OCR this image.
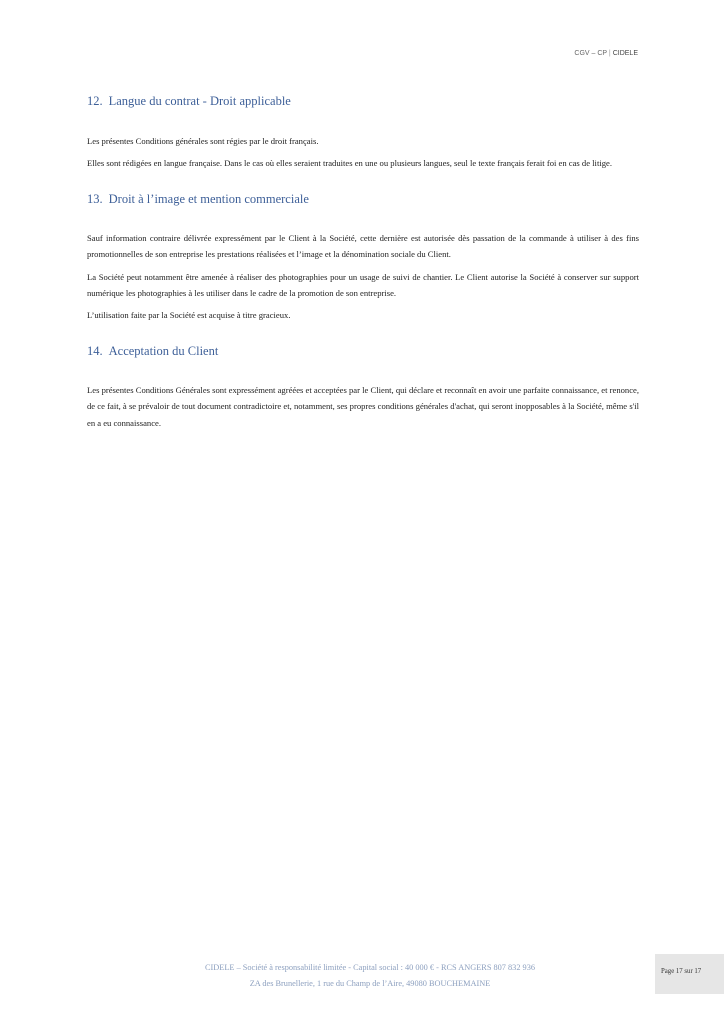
CGV – CP | CIDELE
12. Langue du contrat - Droit applicable

Les présentes Conditions générales sont régies par le droit français.

Elles sont rédigées en langue française. Dans le cas où elles seraient traduites en une ou plusieurs langues, seul le texte français ferait foi en cas de litige.

13. Droit à l’image et mention commerciale

Sauf information contraire délivrée expressément par le Client à la Société, cette dernière est autorisée dès passation de la commande à utiliser à des fins promotionnelles de son entreprise les prestations réalisées et l’image et la dénomination sociale du Client.

La Société peut notamment être amenée à réaliser des photographies pour un usage de suivi de chantier. Le Client autorise la Société à conserver sur support numérique les photographies à les utiliser dans le cadre de la promotion de son entreprise.

L’utilisation faite par la Société est acquise à titre gracieux.

14. Acceptation du Client

Les présentes Conditions Générales sont expressément agréées et acceptées par le Client, qui déclare et reconnaît en avoir une parfaite connaissance, et renonce, de ce fait, à se prévaloir de tout document contradictoire et, notamment, ses propres conditions générales d'achat, qui seront inopposables à la Société, même s'il en a eu connaissance.

CIDELE – Société à responsabilité limitée - Capital social : 40 000 € - RCS ANGERS 807 832 936
ZA des Brunellerie, 1 rue du Champ de l’Aire, 49080 BOUCHEMAINE
Page 17 sur 17
